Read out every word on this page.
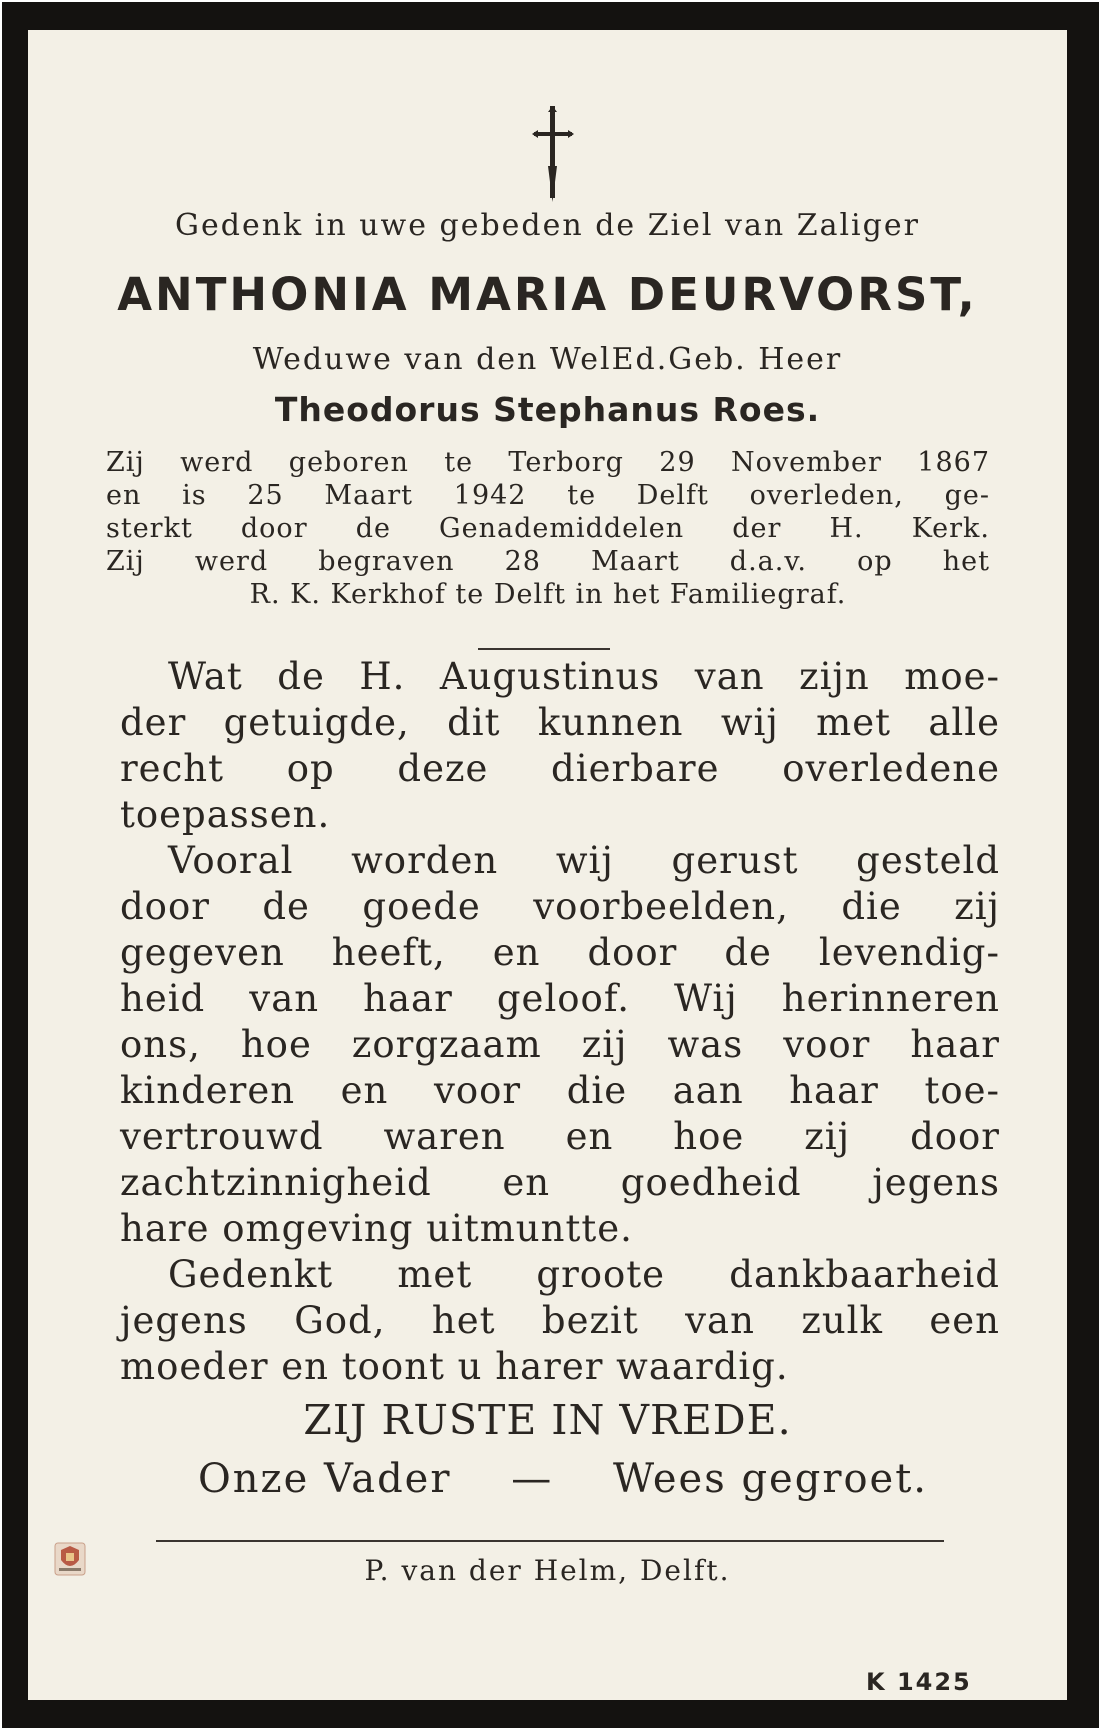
Gedenk in uwe gebeden de Ziel van Zaliger
ANTHONIA MARIA DEURVORST,
Weduwe van den WelEd.Geb. Heer
Theodorus Stephanus Roes.
Zij werd geboren te Terborg 29 November 1867
en is 25 Maart 1942 te Delft overleden, ge-
sterkt door de Genademiddelen der H. Kerk.
Zij werd begraven 28 Maart d.a.v. op het
R. K. Kerkhof te Delft in het Familiegraf.
Wat de H. Augustinus van zijn moe-
der getuigde, dit kunnen wij met alle
recht op deze dierbare overledene
toepassen.
Vooral worden wij gerust gesteld
door de goede voorbeelden, die zij
gegeven heeft, en door de levendig-
heid van haar geloof. Wij herinneren
ons, hoe zorgzaam zij was voor haar
kinderen en voor die aan haar toe-
vertrouwd waren en hoe zij door
zachtzinnigheid en goedheid jegens
hare omgeving uitmuntte.
Gedenkt met groote dankbaarheid
jegens God, het bezit van zulk een
moeder en toont u harer waardig.
ZIJ RUSTE IN VREDE.
Onze Vader — Wees gegroet.
P. van der Helm, Delft.
K 1425
